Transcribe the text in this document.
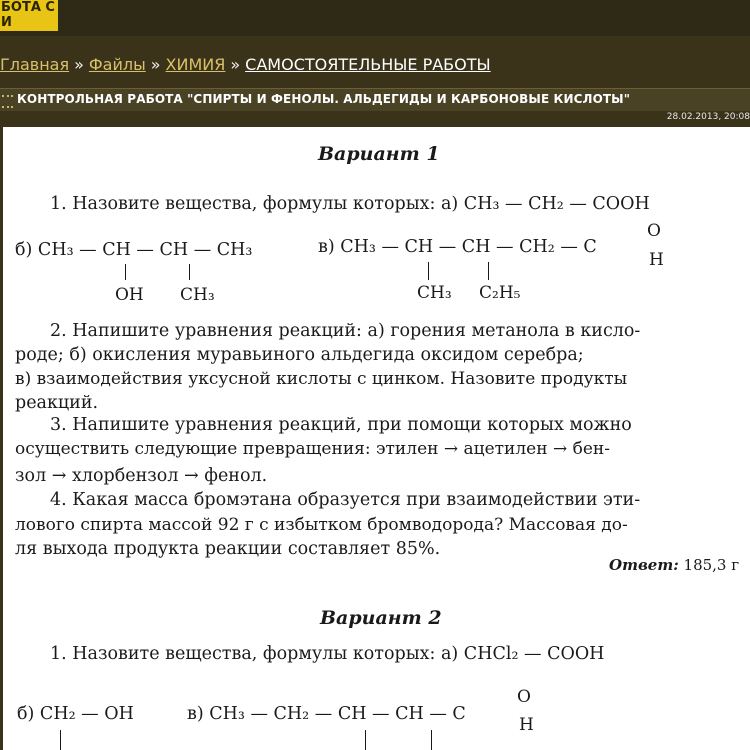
БОТА С И
Главная » Файлы » ХИМИЯ » САМОСТОЯТЕЛЬНЫЕ РАБОТЫ
КОНТРОЛЬНАЯ РАБОТА "СПИРТЫ И ФЕНОЛЫ. АЛЬДЕГИДЫ И КАРБОНОВЫЕ КИСЛОТЫ"
28.02.2013, 20:08
Вариант 1
1. Назовите вещества, формулы которых: а) CH₃ — CH₂ — COOH
б) CH₃ — CH — CH — CH₃
OH CH₃
в) CH₃ — CH — CH — CH₂ — C
O
H
CH₃ C₂H₅
2. Напишите уравнения реакций: а) горения метанола в кисло-
роде; б) окисления муравьиного альдегида оксидом серебра;
в) взаимодействия уксусной кислоты с цинком. Назовите продукты
реакций.
3. Напишите уравнения реакций, при помощи которых можно
осуществить следующие превращения: этилен → ацетилен → бен-
зол → хлорбензол → фенол.
4. Какая масса бромэтана образуется при взаимодействии эти-
лового спирта массой 92 г с избытком бромводорода? Массовая до-
ля выхода продукта реакции составляет 85%.
Ответ: 185,3 г
Вариант 2
1. Назовите вещества, формулы которых: а) CHCl₂ — COOH
б) CH₂ — OH	в) CH₃ — CH₂ — CH — CH — C
O
H
